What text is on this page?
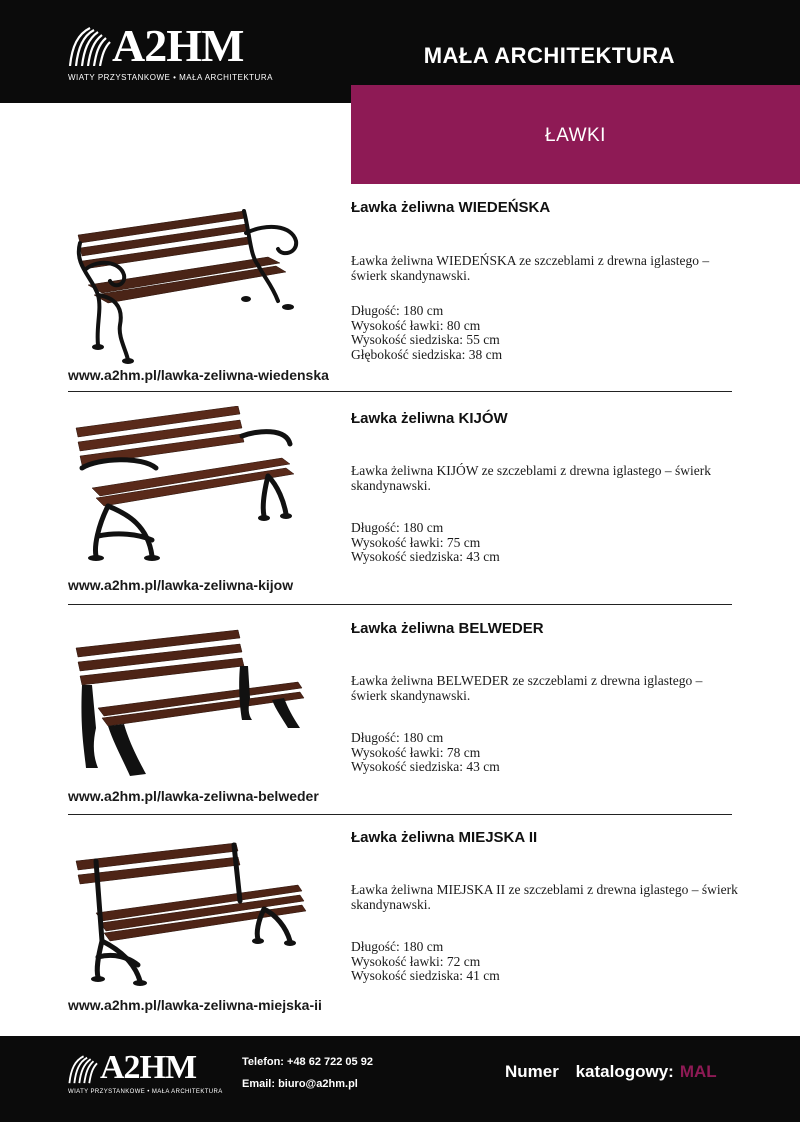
A2HM
WIATY PRZYSTANKOWE • MAŁA ARCHITEKTURA
MAŁA ARCHITEKTURA
ŁAWKI
Ławka żeliwna WIEDEŃSKA
Ławka żeliwna WIEDEŃSKA ze szczeblami z drewna iglastego – świerk skandynawski.
Długość: 180 cm
Wysokość ławki: 80 cm
Wysokość siedziska: 55 cm
Głębokość siedziska: 38 cm
www.a2hm.pl/lawka-zeliwna-wiedenska
Ławka żeliwna KIJÓW
Ławka żeliwna KIJÓW ze szczeblami z drewna iglastego – świerk skandynawski.
Długość: 180 cm
Wysokość ławki: 75 cm
Wysokość siedziska: 43 cm
www.a2hm.pl/lawka-zeliwna-kijow
Ławka żeliwna BELWEDER
Ławka żeliwna BELWEDER ze szczeblami z drewna iglastego – świerk skandynawski.
Długość: 180 cm
Wysokość ławki: 78 cm
Wysokość siedziska: 43 cm
www.a2hm.pl/lawka-zeliwna-belweder
Ławka żeliwna MIEJSKA II
Ławka żeliwna MIEJSKA II ze szczeblami z drewna iglastego – świerk skandynawski.
Długość: 180 cm
Wysokość ławki: 72 cm
Wysokość siedziska: 41 cm
www.a2hm.pl/lawka-zeliwna-miejska-ii
A2HM
WIATY PRZYSTANKOWE • MAŁA ARCHITEKTURA
Telefon: +48 62 722 05 92
Email: biuro@a2hm.pl
Numer katalogowy: MAL
